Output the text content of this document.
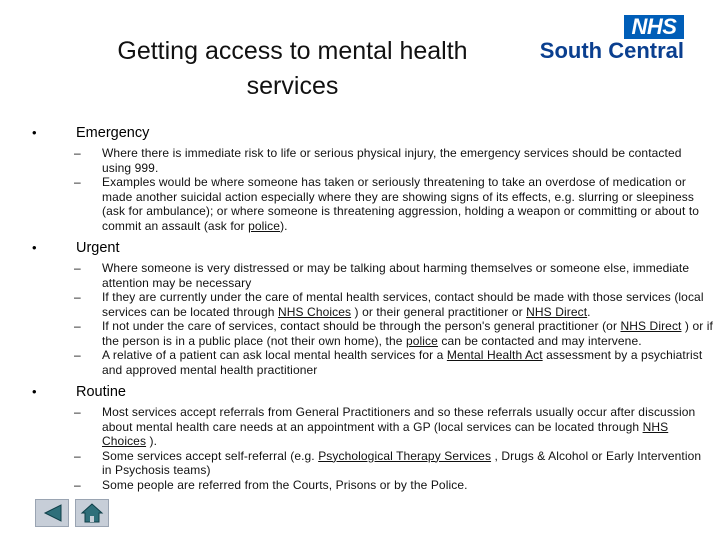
Getting access to mental health services
NHS
South Central
•	Emergency
–	Where there is immediate risk to life or serious physical injury, the emergency services should be contacted using 999.
–	Examples would be where someone has taken or seriously threatening to take an overdose of medication or made another suicidal action especially where they are showing signs of its effects, e.g. slurring or sleepiness (ask for ambulance); or where someone is threatening aggression, holding a weapon or committing or about to commit an assault (ask for police).
•	Urgent
–	Where someone is very distressed or may be talking about harming themselves or someone else, immediate attention may be necessary
–	If they are currently under the care of mental health services, contact should be made with those services (local services can be located through NHS Choices ) or their general practitioner or NHS Direct.
–	If not under the care of services, contact should be through the person's general practitioner (or NHS Direct ) or if the person is in a public place (not their own home), the police can be contacted and may intervene.
–	A relative of a patient can ask local mental health services for a Mental Health Act assessment by a psychiatrist and approved mental health practitioner
•	Routine
–	Most services accept referrals from General Practitioners and so these referrals usually occur after discussion about mental health care needs at an appointment with a GP (local services can be located through NHS Choices ).
–	Some services accept self-referral (e.g. Psychological Therapy Services , Drugs & Alcohol or Early Intervention in Psychosis teams)
–	Some people are referred from the Courts, Prisons or by the Police.
